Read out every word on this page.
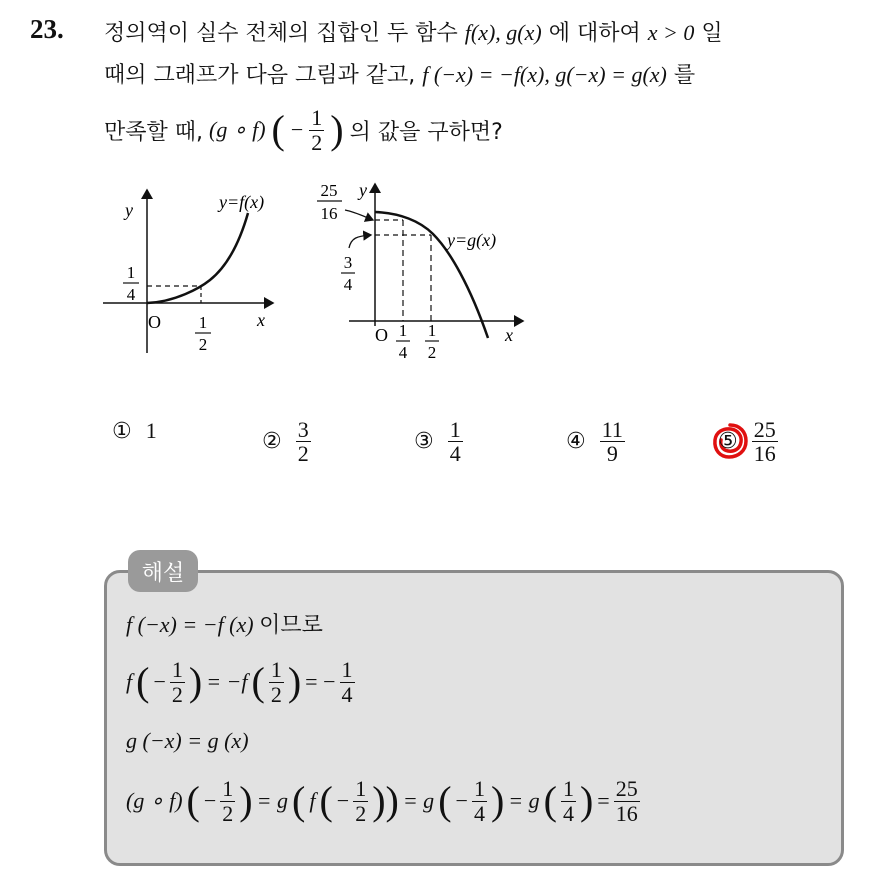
23. 정의역이 실수 전체의 집합인 두 함수 f(x), g(x) 에 대하여 x > 0 일
때의 그래프가 다음 그림과 같고, f (−x) = −f(x), g(−x) = g(x) 를
만족할 때, (g ∘ f) ( − $\frac{1}{2}$ ) 의 값을 구하면?
y
x
O
y=f(x)
1
4
1
2
y
x
O
y=g(x)
25
16
3
4
1
4
1
2
① 1	② $\frac{3}{2}$	③ $\frac{1}{4}$	④ $\frac{11}{9}$	⑤ $\frac{25}{16}$
해설
f (−x) = −f (x) 이므로
f ( − $\frac{1}{2}$ ) = −f ( $\frac{1}{2}$ ) = − $\frac{1}{4}$
g (−x) = g (x)
(g ∘ f) ( − $\frac{1}{2}$ ) = g ( f ( − $\frac{1}{2}$ )) = g ( − $\frac{1}{4}$ ) = g ( $\frac{1}{4}$ ) = $\frac{25}{16}$
